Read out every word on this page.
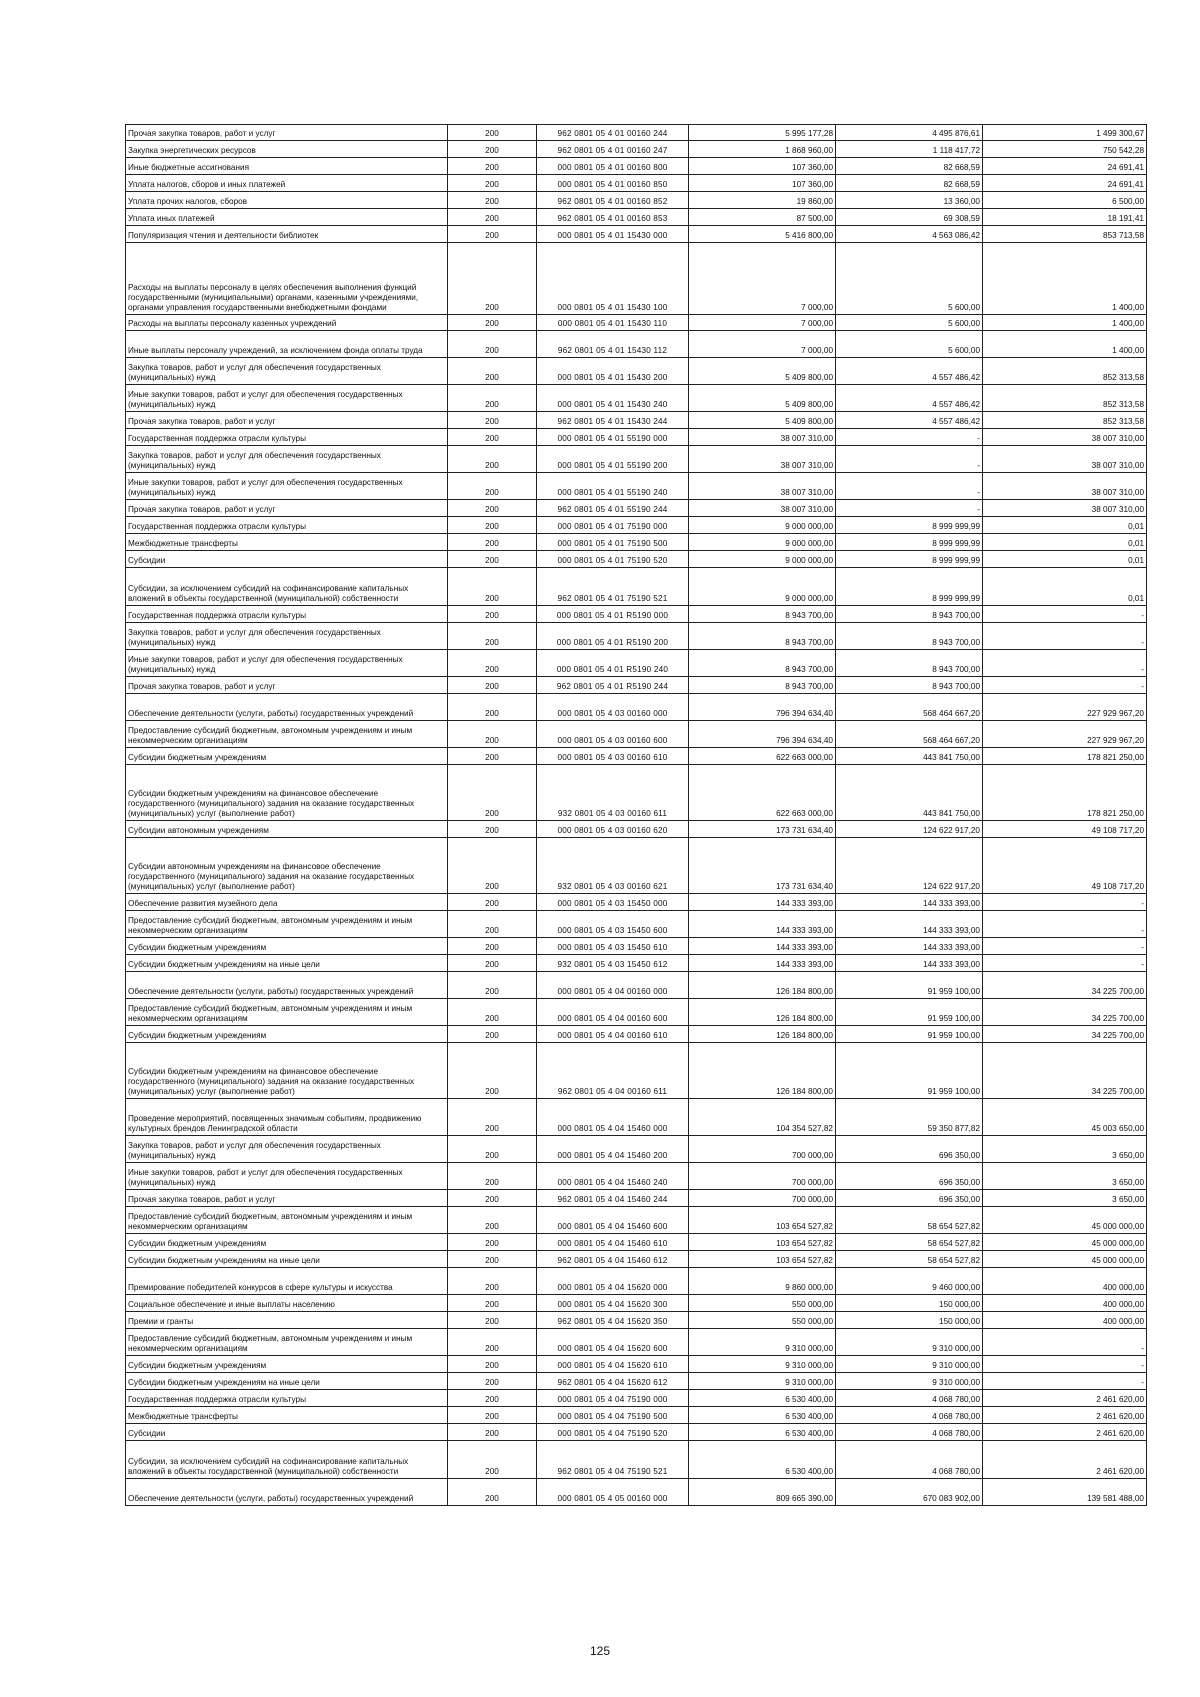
Прочая закупка товаров, работ и услуг	200	962 0801 05 4 01 00160 244	5 995 177,28	4 495 876,61	1 499 300,67
Закупка энергетических ресурсов	200	962 0801 05 4 01 00160 247	1 868 960,00	1 118 417,72	750 542,28
Иные бюджетные ассигнования	200	000 0801 05 4 01 00160 800	107 360,00	82 668,59	24 691,41
Уплата налогов, сборов и иных платежей	200	000 0801 05 4 01 00160 850	107 360,00	82 668,59	24 691,41
Уплата прочих налогов, сборов	200	962 0801 05 4 01 00160 852	19 860,00	13 360,00	6 500,00
Уплата иных платежей	200	962 0801 05 4 01 00160 853	87 500,00	69 308,59	18 191,41
Популяризация чтения и деятельности библиотек	200	000 0801 05 4 01 15430 000	5 416 800,00	4 563 086,42	853 713,58
Расходы на выплаты персоналу в целях обеспечения выполнения функций государственными (муниципальными) органами, казенными учреждениями, органами управления государственными внебюджетными фондами	200	000 0801 05 4 01 15430 100	7 000,00	5 600,00	1 400,00
Расходы на выплаты персоналу казенных учреждений	200	000 0801 05 4 01 15430 110	7 000,00	5 600,00	1 400,00
Иные выплаты персоналу учреждений, за исключением фонда оплаты труда	200	962 0801 05 4 01 15430 112	7 000,00	5 600,00	1 400,00
Закупка товаров, работ и услуг для обеспечения государственных (муниципальных) нужд	200	000 0801 05 4 01 15430 200	5 409 800,00	4 557 486,42	852 313,58
Иные закупки товаров, работ и услуг для обеспечения государственных (муниципальных) нужд	200	000 0801 05 4 01 15430 240	5 409 800,00	4 557 486,42	852 313,58
Прочая закупка товаров, работ и услуг	200	962 0801 05 4 01 15430 244	5 409 800,00	4 557 486,42	852 313,58
Государственная поддержка отрасли культуры	200	000 0801 05 4 01 55190 000	38 007 310,00	-	38 007 310,00
Закупка товаров, работ и услуг для обеспечения государственных (муниципальных) нужд	200	000 0801 05 4 01 55190 200	38 007 310,00	-	38 007 310,00
Иные закупки товаров, работ и услуг для обеспечения государственных (муниципальных) нужд	200	000 0801 05 4 01 55190 240	38 007 310,00	-	38 007 310,00
Прочая закупка товаров, работ и услуг	200	962 0801 05 4 01 55190 244	38 007 310,00	-	38 007 310,00
Государственная поддержка отрасли культуры	200	000 0801 05 4 01 75190 000	9 000 000,00	8 999 999,99	0,01
Межбюджетные трансферты	200	000 0801 05 4 01 75190 500	9 000 000,00	8 999 999,99	0,01
Субсидии	200	000 0801 05 4 01 75190 520	9 000 000,00	8 999 999,99	0,01
Субсидии, за исключением субсидий на софинансирование капитальных вложений в объекты государственной (муниципальной) собственности	200	962 0801 05 4 01 75190 521	9 000 000,00	8 999 999,99	0,01
Государственная поддержка отрасли культуры	200	000 0801 05 4 01 R5190 000	8 943 700,00	8 943 700,00	-
Закупка товаров, работ и услуг для обеспечения государственных (муниципальных) нужд	200	000 0801 05 4 01 R5190 200	8 943 700,00	8 943 700,00	-
Иные закупки товаров, работ и услуг для обеспечения государственных (муниципальных) нужд	200	000 0801 05 4 01 R5190 240	8 943 700,00	8 943 700,00	-
Прочая закупка товаров, работ и услуг	200	962 0801 05 4 01 R5190 244	8 943 700,00	8 943 700,00	-
Обеспечение деятельности (услуги, работы) государственных учреждений	200	000 0801 05 4 03 00160 000	796 394 634,40	568 464 667,20	227 929 967,20
Предоставление субсидий бюджетным, автономным учреждениям и иным некоммерческим организациям	200	000 0801 05 4 03 00160 600	796 394 634,40	568 464 667,20	227 929 967,20
Субсидии бюджетным учреждениям	200	000 0801 05 4 03 00160 610	622 663 000,00	443 841 750,00	178 821 250,00
Субсидии бюджетным учреждениям на финансовое обеспечение государственного (муниципального) задания на оказание государственных (муниципальных) услуг (выполнение работ)	200	932 0801 05 4 03 00160 611	622 663 000,00	443 841 750,00	178 821 250,00
Субсидии автономным учреждениям	200	000 0801 05 4 03 00160 620	173 731 634,40	124 622 917,20	49 108 717,20
Субсидии автономным учреждениям на финансовое обеспечение государственного (муниципального) задания на оказание государственных (муниципальных) услуг (выполнение работ)	200	932 0801 05 4 03 00160 621	173 731 634,40	124 622 917,20	49 108 717,20
Обеспечение развития музейного дела	200	000 0801 05 4 03 15450 000	144 333 393,00	144 333 393,00	-
Предоставление субсидий бюджетным, автономным учреждениям и иным некоммерческим организациям	200	000 0801 05 4 03 15450 600	144 333 393,00	144 333 393,00	-
Субсидии бюджетным учреждениям	200	000 0801 05 4 03 15450 610	144 333 393,00	144 333 393,00	-
Субсидии бюджетным учреждениям на иные цели	200	932 0801 05 4 03 15450 612	144 333 393,00	144 333 393,00	-
Обеспечение деятельности (услуги, работы) государственных учреждений	200	000 0801 05 4 04 00160 000	126 184 800,00	91 959 100,00	34 225 700,00
Предоставление субсидий бюджетным, автономным учреждениям и иным некоммерческим организациям	200	000 0801 05 4 04 00160 600	126 184 800,00	91 959 100,00	34 225 700,00
Субсидии бюджетным учреждениям	200	000 0801 05 4 04 00160 610	126 184 800,00	91 959 100,00	34 225 700,00
Субсидии бюджетным учреждениям на финансовое обеспечение государственного (муниципального) задания на оказание государственных (муниципальных) услуг (выполнение работ)	200	962 0801 05 4 04 00160 611	126 184 800,00	91 959 100,00	34 225 700,00
Проведение мероприятий, посвященных значимым событиям, продвижению культурных брендов Ленинградской области	200	000 0801 05 4 04 15460 000	104 354 527,82	59 350 877,82	45 003 650,00
Закупка товаров, работ и услуг для обеспечения государственных (муниципальных) нужд	200	000 0801 05 4 04 15460 200	700 000,00	696 350,00	3 650,00
Иные закупки товаров, работ и услуг для обеспечения государственных (муниципальных) нужд	200	000 0801 05 4 04 15460 240	700 000,00	696 350,00	3 650,00
Прочая закупка товаров, работ и услуг	200	962 0801 05 4 04 15460 244	700 000,00	696 350,00	3 650,00
Предоставление субсидий бюджетным, автономным учреждениям и иным некоммерческим организациям	200	000 0801 05 4 04 15460 600	103 654 527,82	58 654 527,82	45 000 000,00
Субсидии бюджетным учреждениям	200	000 0801 05 4 04 15460 610	103 654 527,82	58 654 527,82	45 000 000,00
Субсидии бюджетным учреждениям на иные цели	200	962 0801 05 4 04 15460 612	103 654 527,82	58 654 527,82	45 000 000,00
Премирование победителей конкурсов в сфере культуры и искусства	200	000 0801 05 4 04 15620 000	9 860 000,00	9 460 000,00	400 000,00
Социальное обеспечение и иные выплаты населению	200	000 0801 05 4 04 15620 300	550 000,00	150 000,00	400 000,00
Премии и гранты	200	962 0801 05 4 04 15620 350	550 000,00	150 000,00	400 000,00
Предоставление субсидий бюджетным, автономным учреждениям и иным некоммерческим организациям	200	000 0801 05 4 04 15620 600	9 310 000,00	9 310 000,00	-
Субсидии бюджетным учреждениям	200	000 0801 05 4 04 15620 610	9 310 000,00	9 310 000,00	-
Субсидии бюджетным учреждениям на иные цели	200	962 0801 05 4 04 15620 612	9 310 000,00	9 310 000,00	-
Государственная поддержка отрасли культуры	200	000 0801 05 4 04 75190 000	6 530 400,00	4 068 780,00	2 461 620,00
Межбюджетные трансферты	200	000 0801 05 4 04 75190 500	6 530 400,00	4 068 780,00	2 461 620,00
Субсидии	200	000 0801 05 4 04 75190 520	6 530 400,00	4 068 780,00	2 461 620,00
Субсидии, за исключением субсидий на софинансирование капитальных вложений в объекты государственной (муниципальной) собственности	200	962 0801 05 4 04 75190 521	6 530 400,00	4 068 780,00	2 461 620,00
Обеспечение деятельности (услуги, работы) государственных учреждений	200	000 0801 05 4 05 00160 000	809 665 390,00	670 083 902,00	139 581 488,00
125
